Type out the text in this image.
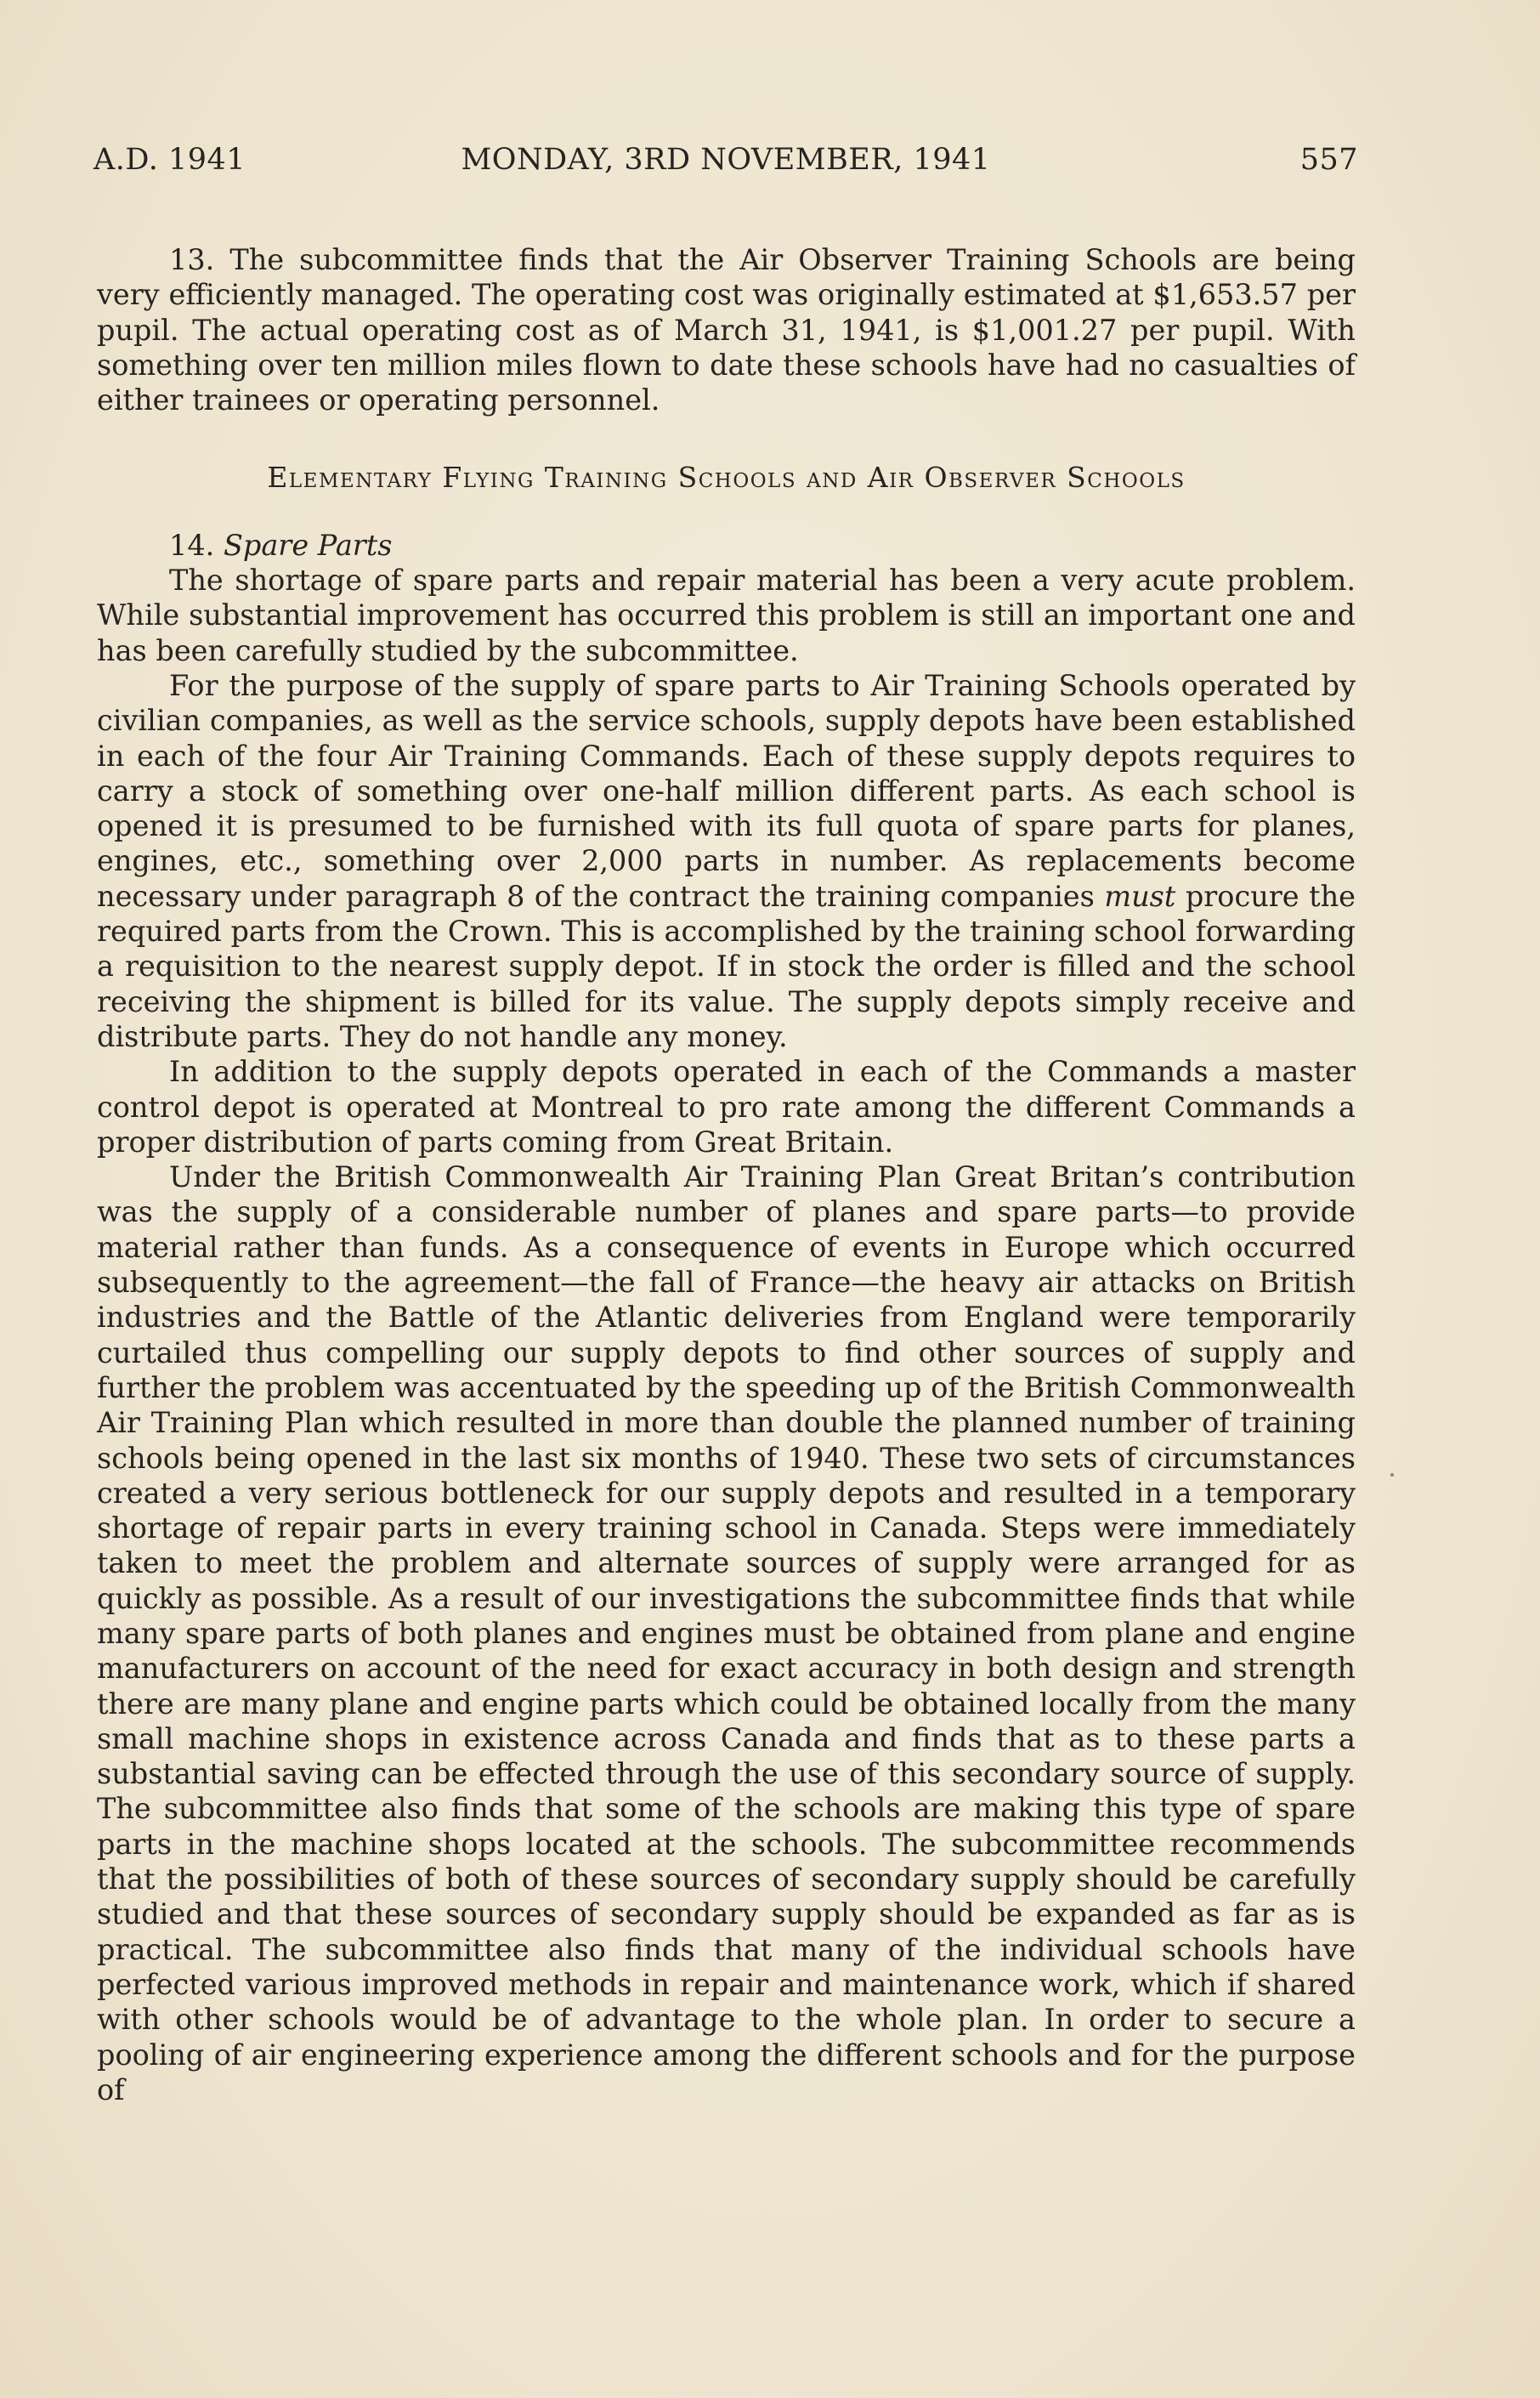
A.D. 1941	MONDAY, 3RD NOVEMBER, 1941	557

13. The subcommittee finds that the Air Observer Training Schools are being very efficiently managed. The operating cost was originally estimated at $1,653.57 per pupil. The actual operating cost as of March 31, 1941, is $1,001.27 per pupil. With something over ten million miles flown to date these schools have had no casualties of either trainees or operating personnel.

Elementary Flying Training Schools and Air Observer Schools

14. Spare Parts

The shortage of spare parts and repair material has been a very acute problem. While substantial improvement has occurred this problem is still an important one and has been carefully studied by the subcommittee.

For the purpose of the supply of spare parts to Air Training Schools operated by civilian companies, as well as the service schools, supply depots have been established in each of the four Air Training Commands. Each of these supply depots requires to carry a stock of something over one-half million different parts. As each school is opened it is presumed to be furnished with its full quota of spare parts for planes, engines, etc., something over 2,000 parts in number. As replacements become necessary under paragraph 8 of the contract the training companies must procure the required parts from the Crown. This is accomplished by the training school forwarding a requisition to the nearest supply depot. If in stock the order is filled and the school receiving the shipment is billed for its value. The supply depots simply receive and distribute parts. They do not handle any money.

In addition to the supply depots operated in each of the Commands a master control depot is operated at Montreal to pro rate among the different Commands a proper distribution of parts coming from Great Britain.

Under the British Commonwealth Air Training Plan Great Britan’s contribution was the supply of a considerable number of planes and spare parts—to provide material rather than funds. As a consequence of events in Europe which occurred subsequently to the agreement—the fall of France—the heavy air attacks on British industries and the Battle of the Atlantic deliveries from England were temporarily curtailed thus compelling our supply depots to find other sources of supply and further the problem was accentuated by the speeding up of the British Commonwealth Air Training Plan which resulted in more than double the planned number of training schools being opened in the last six months of 1940. These two sets of circumstances created a very serious bottleneck for our supply depots and resulted in a temporary shortage of repair parts in every training school in Canada. Steps were immediately taken to meet the problem and alternate sources of supply were arranged for as quickly as possible. As a result of our investigations the subcommittee finds that while many spare parts of both planes and engines must be obtained from plane and engine manufacturers on account of the need for exact accuracy in both design and strength there are many plane and engine parts which could be obtained locally from the many small machine shops in existence across Canada and finds that as to these parts a substantial saving can be effected through the use of this secondary source of supply. The subcommittee also finds that some of the schools are making this type of spare parts in the machine shops located at the schools. The subcommittee recommends that the possibilities of both of these sources of secondary supply should be carefully studied and that these sources of secondary supply should be expanded as far as is practical. The subcommittee also finds that many of the individual schools have perfected various improved methods in repair and maintenance work, which if shared with other schools would be of advantage to the whole plan. In order to secure a pooling of air engineering experience among the different schools and for the purpose of
